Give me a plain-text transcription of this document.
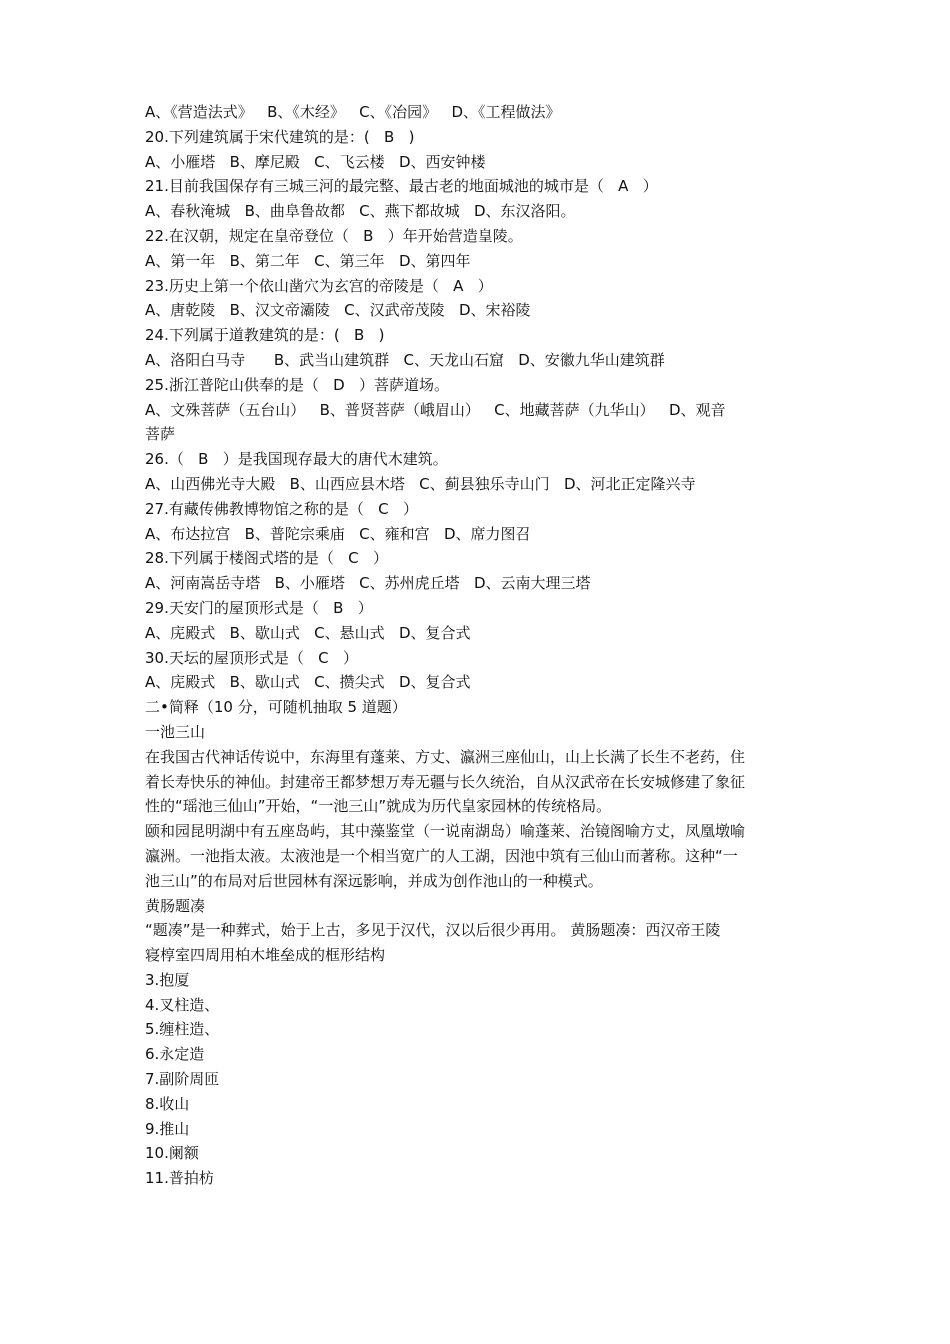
A、《营造法式》   B、《木经》   C、《冶园》   D、《工程做法》
20.下列建筑属于宋代建筑的是：(   B   )
A、小雁塔   B、摩尼殿   C、飞云楼   D、西安钟楼
21.目前我国保存有三城三河的最完整、最古老的地面城池的城市是（   A   ）
A、春秋淹城   B、曲阜鲁故都   C、燕下都故城   D、东汉洛阳。
22.在汉朝，规定在皇帝登位（   B   ）年开始营造皇陵。
A、第一年   B、第二年   C、第三年   D、第四年
23.历史上第一个依山凿穴为玄宫的帝陵是（   A   ）
A、唐乾陵   B、汉文帝灞陵   C、汉武帝茂陵   D、宋裕陵
24.下列属于道教建筑的是：(   B   )
A、洛阳白马寺      B、武当山建筑群   C、天龙山石窟   D、安徽九华山建筑群
25.浙江普陀山供奉的是（   D   ）菩萨道场。
A、文殊菩萨（五台山）   B、普贤菩萨（峨眉山）   C、地藏菩萨（九华山）   D、观音
菩萨
26.（   B   ）是我国现存最大的唐代木建筑。
A、山西佛光寺大殿   B、山西应县木塔   C、蓟县独乐寺山门   D、河北正定隆兴寺
27.有藏传佛教博物馆之称的是（   C   ）
A、布达拉宫   B、普陀宗乘庙   C、雍和宫   D、席力图召
28.下列属于楼阁式塔的是（   C   ）
A、河南嵩岳寺塔   B、小雁塔   C、苏州虎丘塔   D、云南大理三塔
29.天安门的屋顶形式是（   B   ）
A、庑殿式   B、歇山式   C、悬山式   D、复合式
30.天坛的屋顶形式是（   C   ）
A、庑殿式   B、歇山式   C、攒尖式   D、复合式
二•简释（10 分，可随机抽取 5 道题）
一池三山
在我国古代神话传说中，东海里有蓬莱、方丈、瀛洲三座仙山，山上长满了长生不老药，住
着长寿快乐的神仙。封建帝王都梦想万寿无疆与长久统治，自从汉武帝在长安城修建了象征
性的“瑶池三仙山”开始，“一池三山”就成为历代皇家园林的传统格局。
颐和园昆明湖中有五座岛屿，其中藻鉴堂（一说南湖岛）喻蓬莱、治镜阁喻方丈，凤凰墩喻
瀛洲。一池指太液。太液池是一个相当宽广的人工湖，因池中筑有三仙山而著称。这种“一
池三山”的布局对后世园林有深远影响，并成为创作池山的一种模式。
黄肠题凑
“题凑”是一种葬式，始于上古，多见于汉代，汉以后很少再用。 黄肠题凑：西汉帝王陵
寝椁室四周用柏木堆垒成的框形结构
3.抱厦
4.叉柱造、
5.缠柱造、
6.永定造
7.副阶周匝
8.收山
9.推山
10.阑额
11.普拍枋
